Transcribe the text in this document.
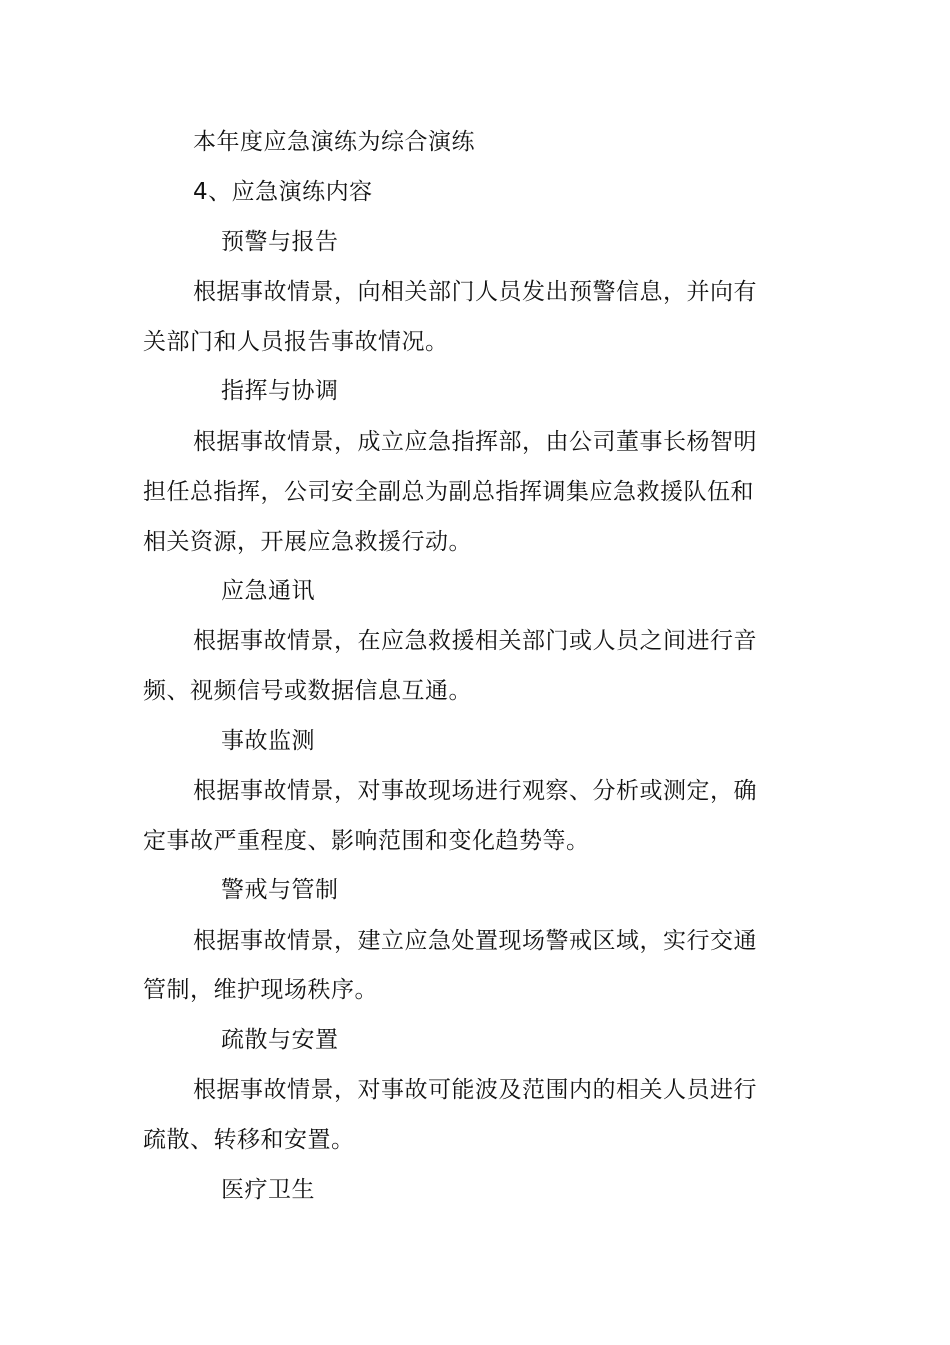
本年度应急演练为综合演练

4、应急演练内容

预警与报告

根据事故情景，向相关部门人员发出预警信息，并向有

关部门和人员报告事故情况。

指挥与协调

根据事故情景，成立应急指挥部，由公司董事长杨智明

担任总指挥，公司安全副总为副总指挥调集应急救援队伍和

相关资源，开展应急救援行动。

应急通讯

根据事故情景，在应急救援相关部门或人员之间进行音

频、视频信号或数据信息互通。

事故监测

根据事故情景，对事故现场进行观察、分析或测定，确

定事故严重程度、影响范围和变化趋势等。

警戒与管制

根据事故情景，建立应急处置现场警戒区域，实行交通

管制，维护现场秩序。

疏散与安置

根据事故情景，对事故可能波及范围内的相关人员进行

疏散、转移和安置。

医疗卫生
